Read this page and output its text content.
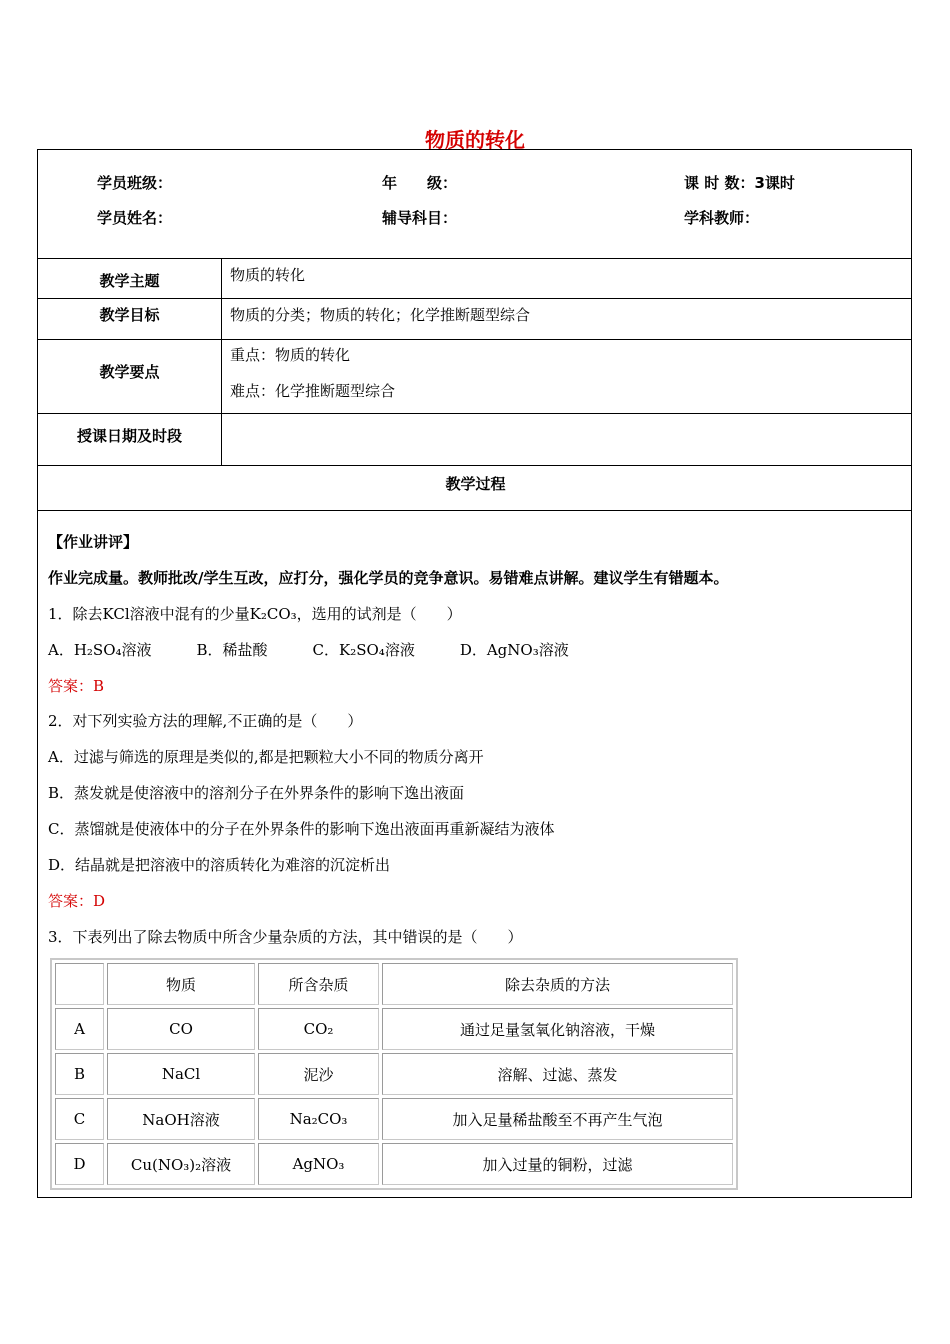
物质的转化
学员班级：	年　　级：	课 时 数：3课时
学员姓名：	辅导科目：	学科教师：
教学主题	物质的转化
教学目标	物质的分类；物质的转化；化学推断题型综合
教学要点
重点：物质的转化
难点：化学推断题型综合
授课日期及时段
教学过程
【作业讲评】
作业完成量。教师批改/学生互改，应打分，强化学员的竞争意识。易错难点讲解。建议学生有错题本。
1．除去KCl溶液中混有的少量K₂CO₃，选用的试剂是（　　）
A．H₂SO₄溶液　　　B．稀盐酸　　　C．K₂SO₄溶液　　　D．AgNO₃溶液
答案：B
2．对下列实验方法的理解,不正确的是（　　）
A．过滤与筛选的原理是类似的,都是把颗粒大小不同的物质分离开
B．蒸发就是使溶液中的溶剂分子在外界条件的影响下逸出液面
C．蒸馏就是使液体中的分子在外界条件的影响下逸出液面再重新凝结为液体
D．结晶就是把溶液中的溶质转化为难溶的沉淀析出
答案：D
3．下表列出了除去物质中所含少量杂质的方法，其中错误的是（　　）
	物质	所含杂质	除去杂质的方法
A	CO	CO₂	通过足量氢氧化钠溶液，干燥
B	NaCl	泥沙	溶解、过滤、蒸发
C	NaOH溶液	Na₂CO₃	加入足量稀盐酸至不再产生气泡
D	Cu(NO₃)₂溶液	AgNO₃	加入过量的铜粉，过滤
